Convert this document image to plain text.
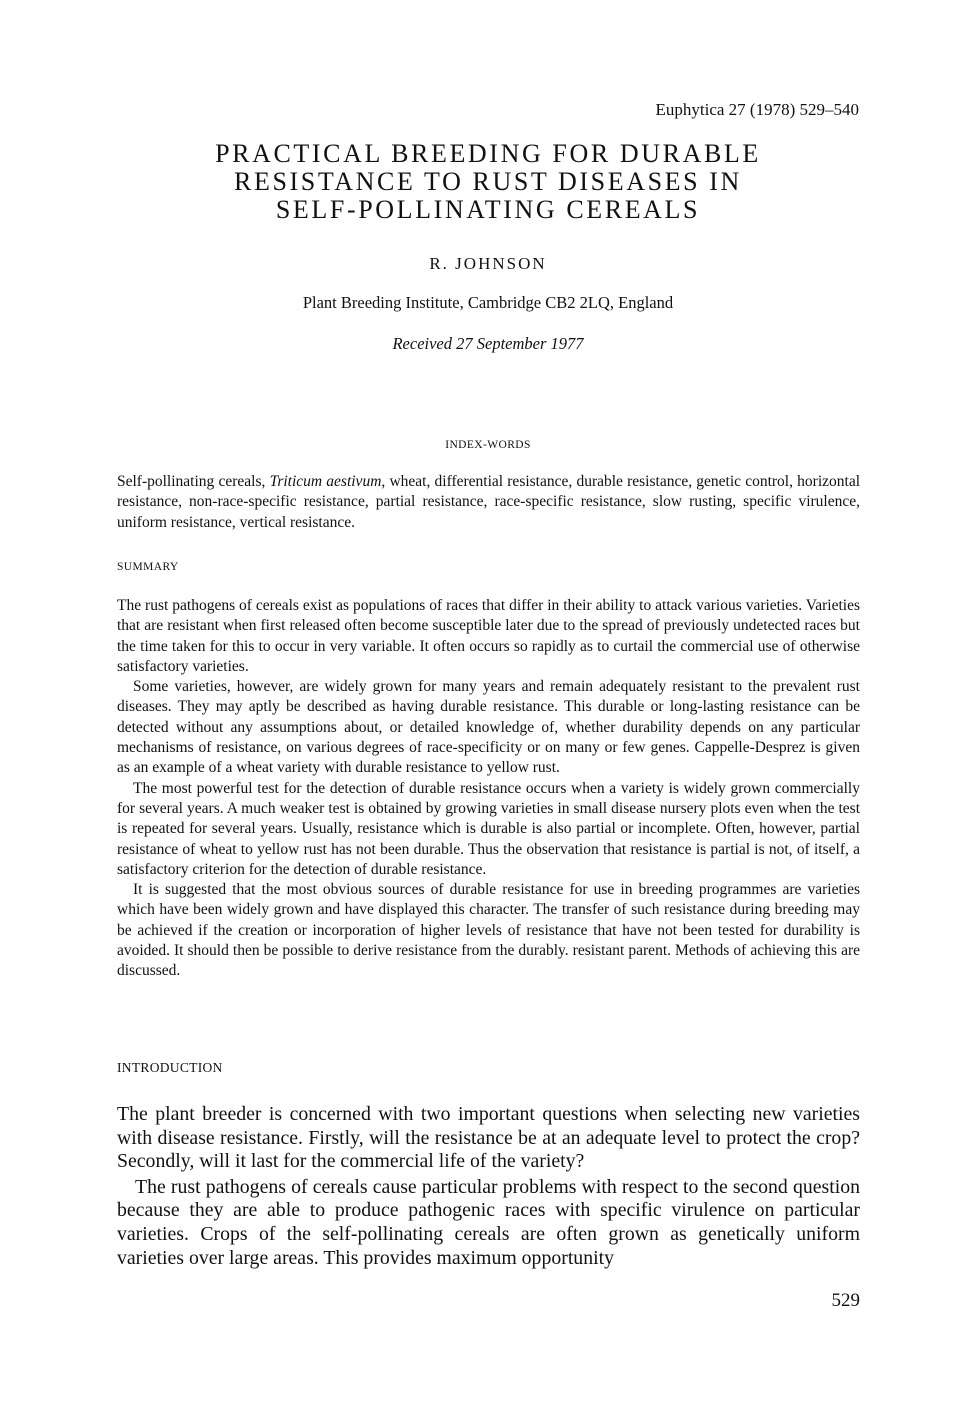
Euphytica 27 (1978) 529–540
PRACTICAL BREEDING FOR DURABLE
RESISTANCE TO RUST DISEASES IN
SELF-POLLINATING CEREALS
R. JOHNSON
Plant Breeding Institute, Cambridge CB2 2LQ, England
Received 27 September 1977
INDEX-WORDS

Self-pollinating cereals, Triticum aestivum, wheat, differential resistance, durable resistance, genetic control, horizontal resistance, non-race-specific resistance, partial resistance, race-specific resistance, slow rusting, specific virulence, uniform resistance, vertical resistance.

SUMMARY

The rust pathogens of cereals exist as populations of races that differ in their ability to attack various varieties. Varieties that are resistant when first released often become susceptible later due to the spread of previously undetected races but the time taken for this to occur in very variable. It often occurs so rapidly as to curtail the commercial use of otherwise satisfactory varieties.

Some varieties, however, are widely grown for many years and remain adequately resistant to the prevalent rust diseases. They may aptly be described as having durable resistance. This durable or long-lasting resistance can be detected without any assumptions about, or detailed knowledge of, whether durability depends on any particular mechanisms of resistance, on various degrees of race-specificity or on many or few genes. Cappelle-Desprez is given as an example of a wheat variety with durable resistance to yellow rust.

The most powerful test for the detection of durable resistance occurs when a variety is widely grown commercially for several years. A much weaker test is obtained by growing varieties in small disease nursery plots even when the test is repeated for several years. Usually, resistance which is durable is also partial or incomplete. Often, however, partial resistance of wheat to yellow rust has not been durable. Thus the observation that resistance is partial is not, of itself, a satisfactory criterion for the detection of durable resistance.

It is suggested that the most obvious sources of durable resistance for use in breeding programmes are varieties which have been widely grown and have displayed this character. The transfer of such resistance during breeding may be achieved if the creation or incorporation of higher levels of resistance that have not been tested for durability is avoided. It should then be possible to derive resistance from the durably. resistant parent. Methods of achieving this are discussed.

INTRODUCTION

The plant breeder is concerned with two important questions when selecting new varieties with disease resistance. Firstly, will the resistance be at an adequate level to protect the crop? Secondly, will it last for the commercial life of the variety?

The rust pathogens of cereals cause particular problems with respect to the second question because they are able to produce pathogenic races with specific virulence on particular varieties. Crops of the self-pollinating cereals are often grown as genetically uniform varieties over large areas. This provides maximum opportunity

529
